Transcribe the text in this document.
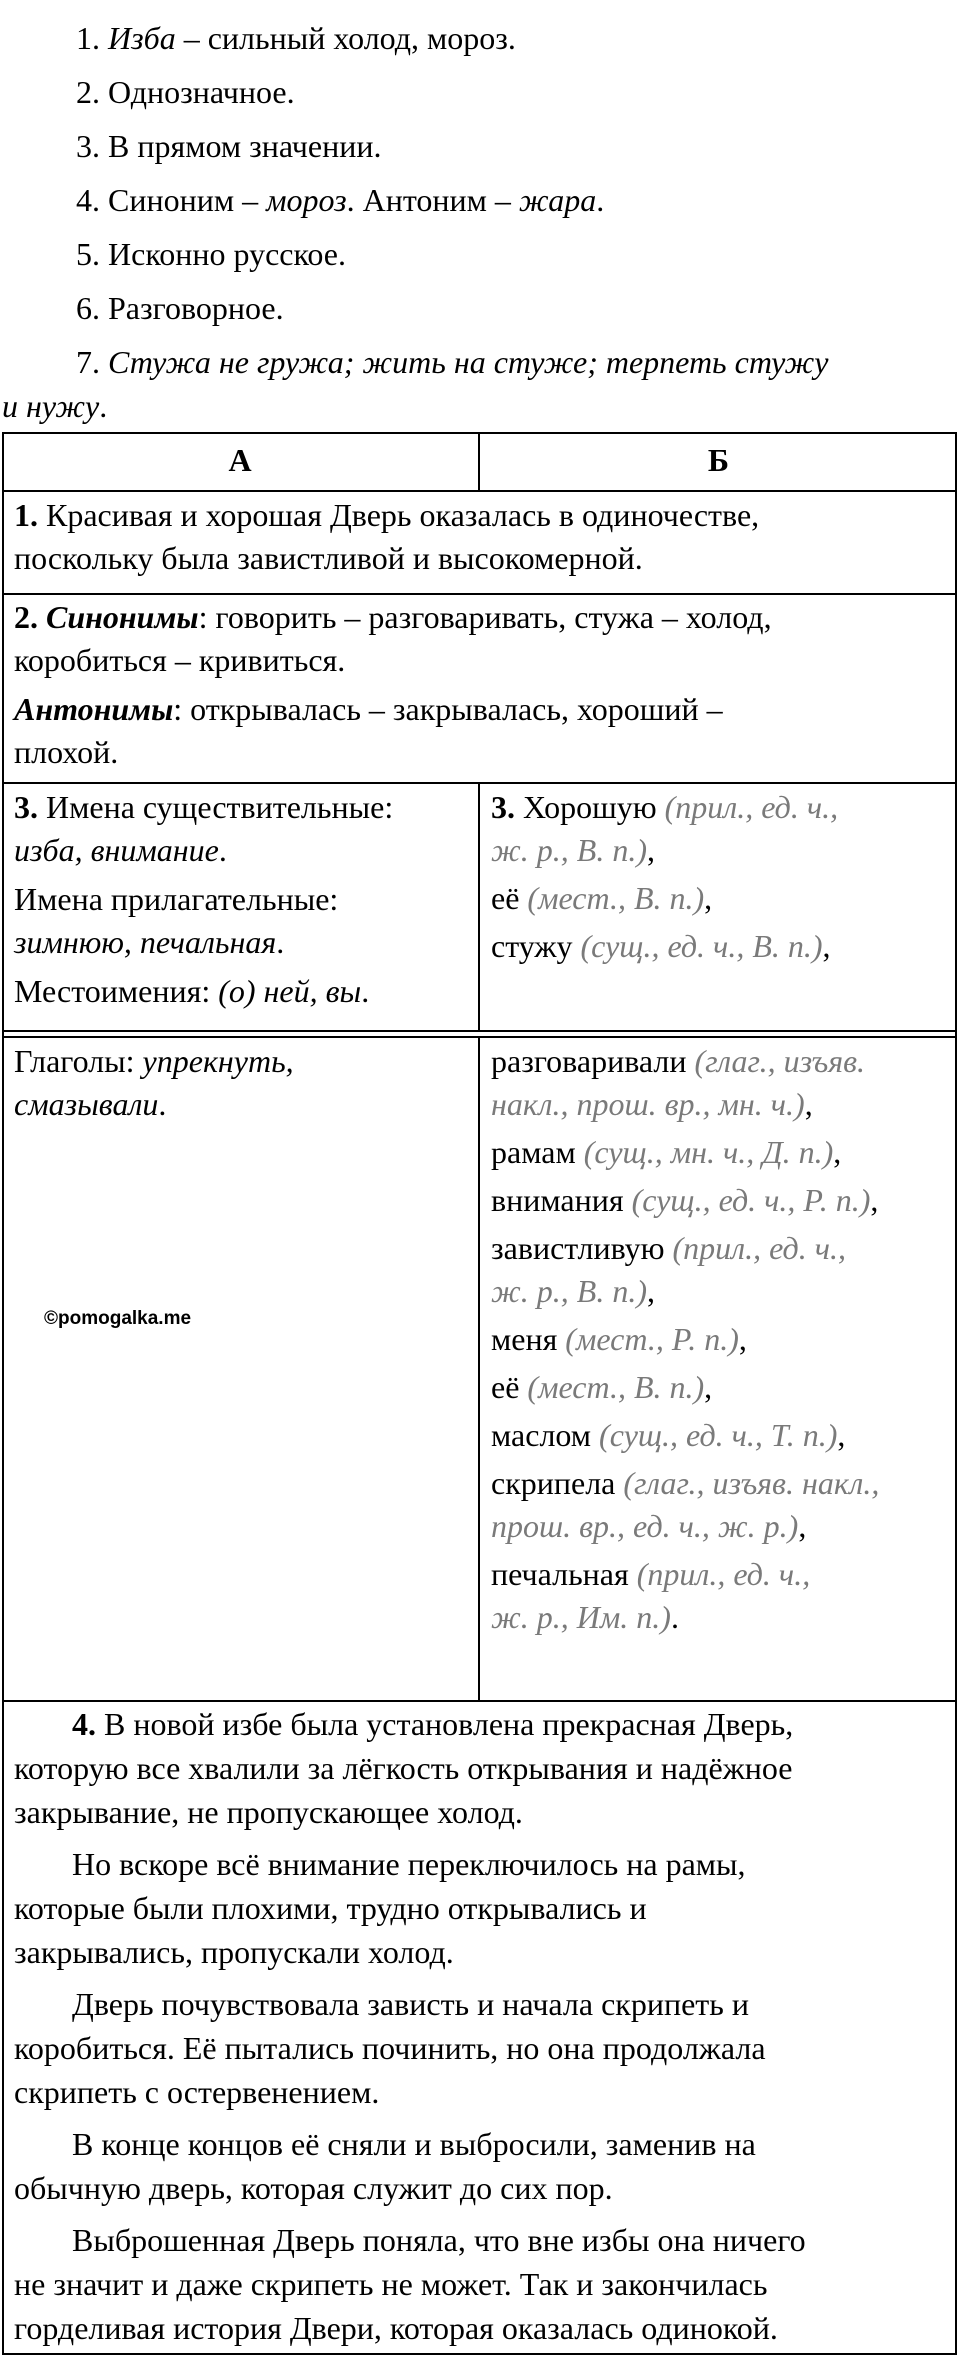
1. Изба – сильный холод, мороз.
2. Однозначное.
3. В прямом значении.
4. Синоним – мороз. Антоним – жара.
5. Исконно русское.
6. Разговорное.
7. Стужа не гружа; жить на стуже; терпеть стужу
и нужу.
А	Б

1. Красивая и хорошая Дверь оказалась в одиночестве,

поскольку была завистливой и высокомерной.

2. Синонимы: говорить – разговаривать, стужа – холод,

коробиться – кривиться.

Антонимы: открывалась – закрывалась, хороший –

плохой.

3. Имена существительные:

изба, внимание.

Имена прилагательные:

зимнюю, печальная.

Местоимения: (о) ней, вы.

Глаголы: упрекнуть,

смазывали.

©pomogalka.me

3. Хорошую (прил., ед. ч.,

ж. р., В. п.),

её (мест., В. п.),

стужу (сущ., ед. ч., В. п.),

разговаривали (глаг., изъяв.

накл., прош. вр., мн. ч.),

рамам (сущ., мн. ч., Д. п.),

внимания (сущ., ед. ч., Р. п.),

завистливую (прил., ед. ч.,

ж. р., В. п.),

меня (мест., Р. п.),

её (мест., В. п.),

маслом (сущ., ед. ч., Т. п.),

скрипела (глаг., изъяв. накл.,

прош. вр., ед. ч., ж. р.),

печальная (прил., ед. ч.,

ж. р., Им. п.).

4. В новой избе была установлена прекрасная Дверь,

которую все хвалили за лёгкость открывания и надёжное

закрывание, не пропускающее холод.

Но вскоре всё внимание переключилось на рамы,

которые были плохими, трудно открывались и

закрывались, пропускали холод.

Дверь почувствовала зависть и начала скрипеть и

коробиться. Её пытались починить, но она продолжала

скрипеть с остервенением.

В конце концов её сняли и выбросили, заменив на

обычную дверь, которая служит до сих пор.

Выброшенная Дверь поняла, что вне избы она ничего

не значит и даже скрипеть не может. Так и закончилась

горделивая история Двери, которая оказалась одинокой.
